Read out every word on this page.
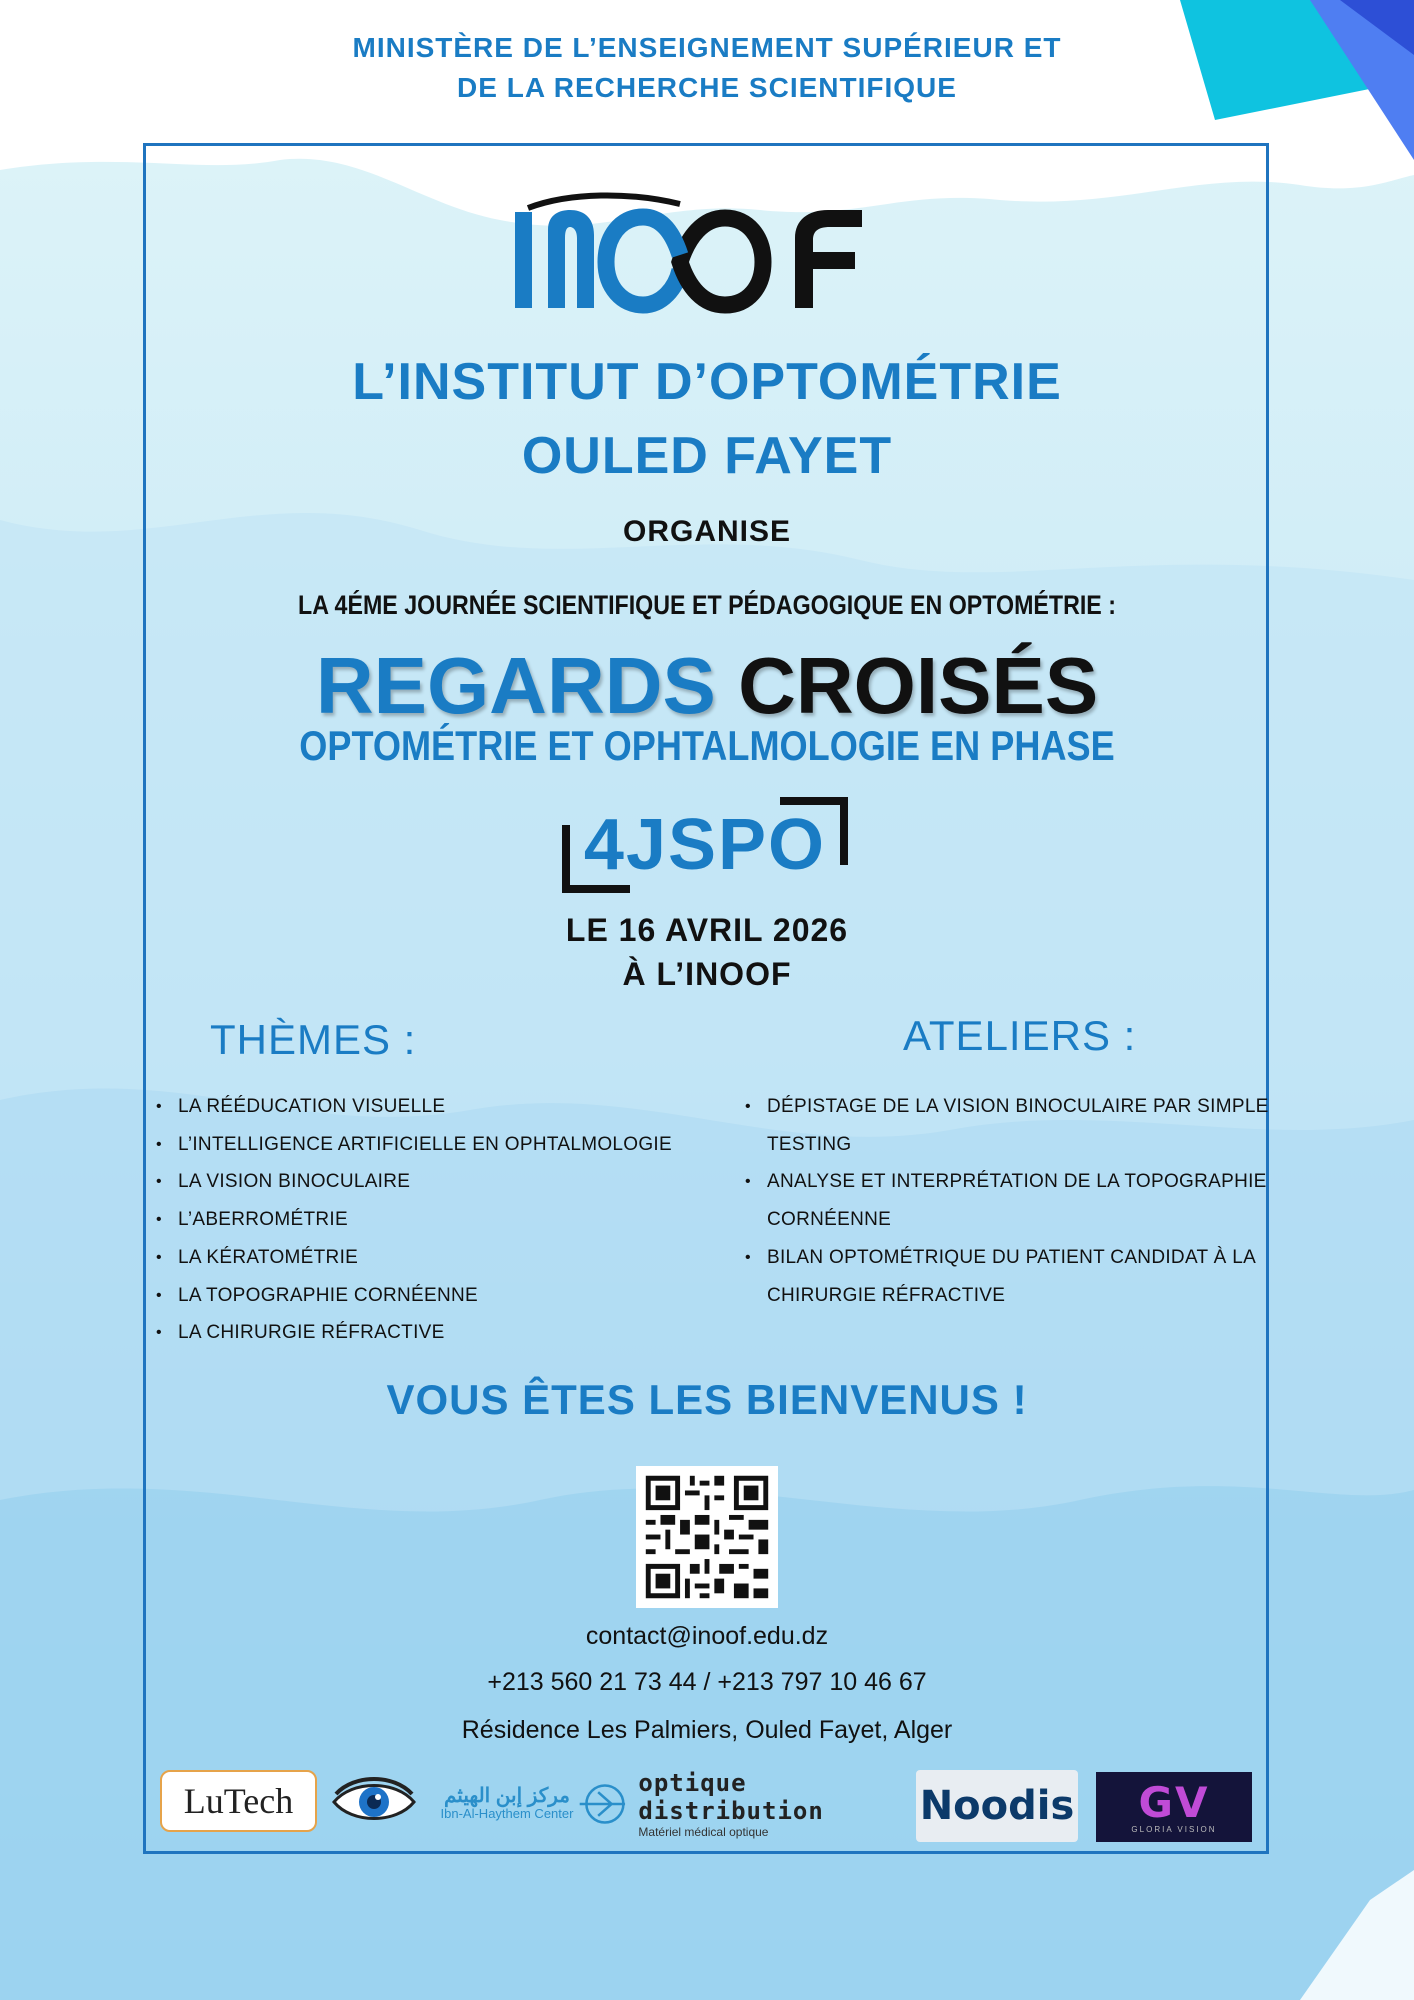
MINISTÈRE DE L’ENSEIGNEMENT SUPÉRIEUR ET
DE LA RECHERCHE SCIENTIFIQUE
L’INSTITUT D’OPTOMÉTRIE
OULED FAYET
ORGANISE
LA 4ÉME JOURNÉE SCIENTIFIQUE ET PÉDAGOGIQUE EN OPTOMÉTRIE :
REGARDS CROISÉS
OPTOMÉTRIE ET OPHTALMOLOGIE EN PHASE
4JSPO
LE 16 AVRIL 2026
À L’INOOF
THÈMES :	ATELIERS :
• LA RÉÉDUCATION VISUELLE
• L’INTELLIGENCE ARTIFICIELLE EN OPHTALMOLOGIE
• LA VISION BINOCULAIRE
• L’ABERROMÉTRIE
• LA KÉRATOMÉTRIE
• LA TOPOGRAPHIE CORNÉENNE
• LA CHIRURGIE RÉFRACTIVE
• DÉPISTAGE DE LA VISION BINOCULAIRE PAR SIMPLE TESTING
• ANALYSE ET INTERPRÉTATION DE LA TOPOGRAPHIE CORNÉENNE
• BILAN OPTOMÉTRIQUE DU PATIENT CANDIDAT À LA CHIRURGIE RÉFRACTIVE
VOUS ÊTES LES BIENVENUS !
contact@inoof.edu.dz
+213 560 21 73 44 / +213 797 10 46 67
Résidence Les Palmiers, Ouled Fayet, Alger
LuTech	مركز إبن الهيثم
Ibn-Al-Haythem Center
optique distribution
Matériel médical optique
Noodis GV
GLORIA VISION
